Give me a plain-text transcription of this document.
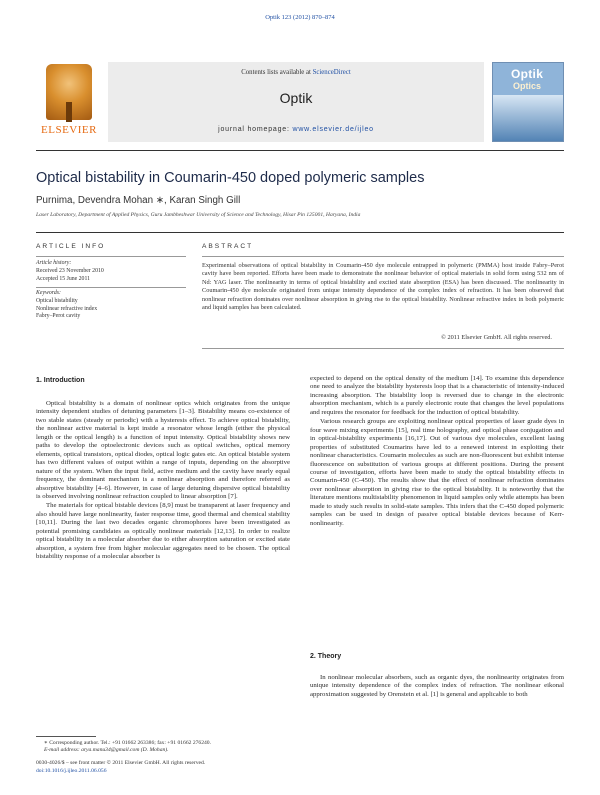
Optik 123 (2012) 870–874
ELSEVIER
Contents lists available at ScienceDirect
Optik
journal homepage: www.elsevier.de/ijleo
Optik
Optics
Optical bistability in Coumarin-450 doped polymeric samples
Purnima, Devendra Mohan ∗, Karan Singh Gill
Laser Laboratory, Department of Applied Physics, Guru Jambheshwar University of Science and Technology, Hisar Pin 125001, Haryana, India
ARTICLE INFO
Article history:
Received 23 November 2010
Accepted 15 June 2011
Keywords:
Optical bistability
Nonlinear refractive index
Fabry–Perot cavity
ABSTRACT
Experimental observations of optical bistability in Coumarin-450 dye molecule entrapped in polymeric (PMMA) host inside Fabry–Perot cavity have been reported. Efforts have been made to demonstrate the nonlinear behavior of optical materials in solid form using 532 nm of Nd: YAG laser. The nonlinearity in terms of optical bistability and excited state absorption (ESA) has been discussed. The nonlinearity in Coumarin-450 dye molecule originated from unique intensity dependence of the complex index of refraction. It has been observed that nonlinear refraction dominates over nonlinear absorption in giving rise to the optical bistability. Nonlinear refractive index in both polymeric and liquid samples has been calculated.
© 2011 Elsevier GmbH. All rights reserved.
1. Introduction

Optical bistability is a domain of nonlinear optics which originates from the unique intensity dependent studies of detuning parameters [1–3]. Bistability means co-existence of two stable states (steady or periodic) with a hysteresis effect. To achieve optical bistability, the nonlinear active material is kept inside a resonator whose length (either the physical length or the optical length) is a function of input intensity. Optical bistability shows new paths to develop the optoelectronic devices such as optical switches, optical memory elements, optical transistors, optical diodes, optical logic gates etc. An optical bistable system has two different values of output within a range of inputs, depending on the absorptive nature of the system. When the input field, active medium and the cavity have nearly equal frequency, the dominant mechanism is a nonlinear absorption and therefore referred as absorptive bistability [4–6]. However, in case of large detuning dispersive optical bistability is observed involving nonlinear refraction coupled to linear absorption [7].

The materials for optical bistable devices [8,9] must be transparent at laser frequency and also should have large nonlinearity, faster response time, good thermal and chemical stability [10,11]. During the last two decades organic chromophores have been investigated as potential promising candidates as optically nonlinear materials [12,13]. In order to realize optical bistability in a molecular absorber due to either absorption saturation or excited state absorption, a system free from higher molecular aggregates need to be chosen. The optical bistability response of a molecular absorber is

expected to depend on the optical density of the medium [14]. To examine this dependence one need to analyze the bistability hysteresis loop that is a characteristic of intensity-induced increasing absorption. The bistability loop is reversed due to change in the electronic absorption mechanism, which is a purely electronic route that changes the level populations and requires the resonator for feedback for the induction of optical bistability.

Various research groups are exploiting nonlinear optical properties of laser grade dyes in four wave mixing experiments [15], real time holography, and optical phase conjugation and in optical-bistability experiments [16,17]. Out of various dye molecules, excellent lasing properties of substituted Coumarins have led to a renewed interest in exploiting their nonlinear characteristics. Coumarin molecules as such are non-fluorescent but exhibit intense fluorescence on substitution of various groups at different positions. During the present course of investigation, efforts have been made to study the optical bistability effects in Coumarin-450 (C-450). The results show that the effect of nonlinear refraction dominates over nonlinear absorption in giving rise to the optical bistability. It is noteworthy that the literature mentions multistability phenomenon in liquid samples only while attempts has been made to study such results in solid-state samples. This infers that the C-450 doped polymeric samples can be used in design of passive optical bistable devices because of Kerr-nonlinearity.

2. Theory

In nonlinear molecular absorbers, such as organic dyes, the nonlinearity originates from unique intensity dependence of the complex index of refraction. The nonlinear eikonal approximation suggested by Orenstein et al. [1] is general and applicable to both

∗ Corresponding author. Tel.: +91 01662 263386; fax: +91 01662 276240.
E-mail address: arya.manu34@gmail.com (D. Mohan).
0030-4026/$ – see front matter © 2011 Elsevier GmbH. All rights reserved.
doi:10.1016/j.ijleo.2011.06.056
